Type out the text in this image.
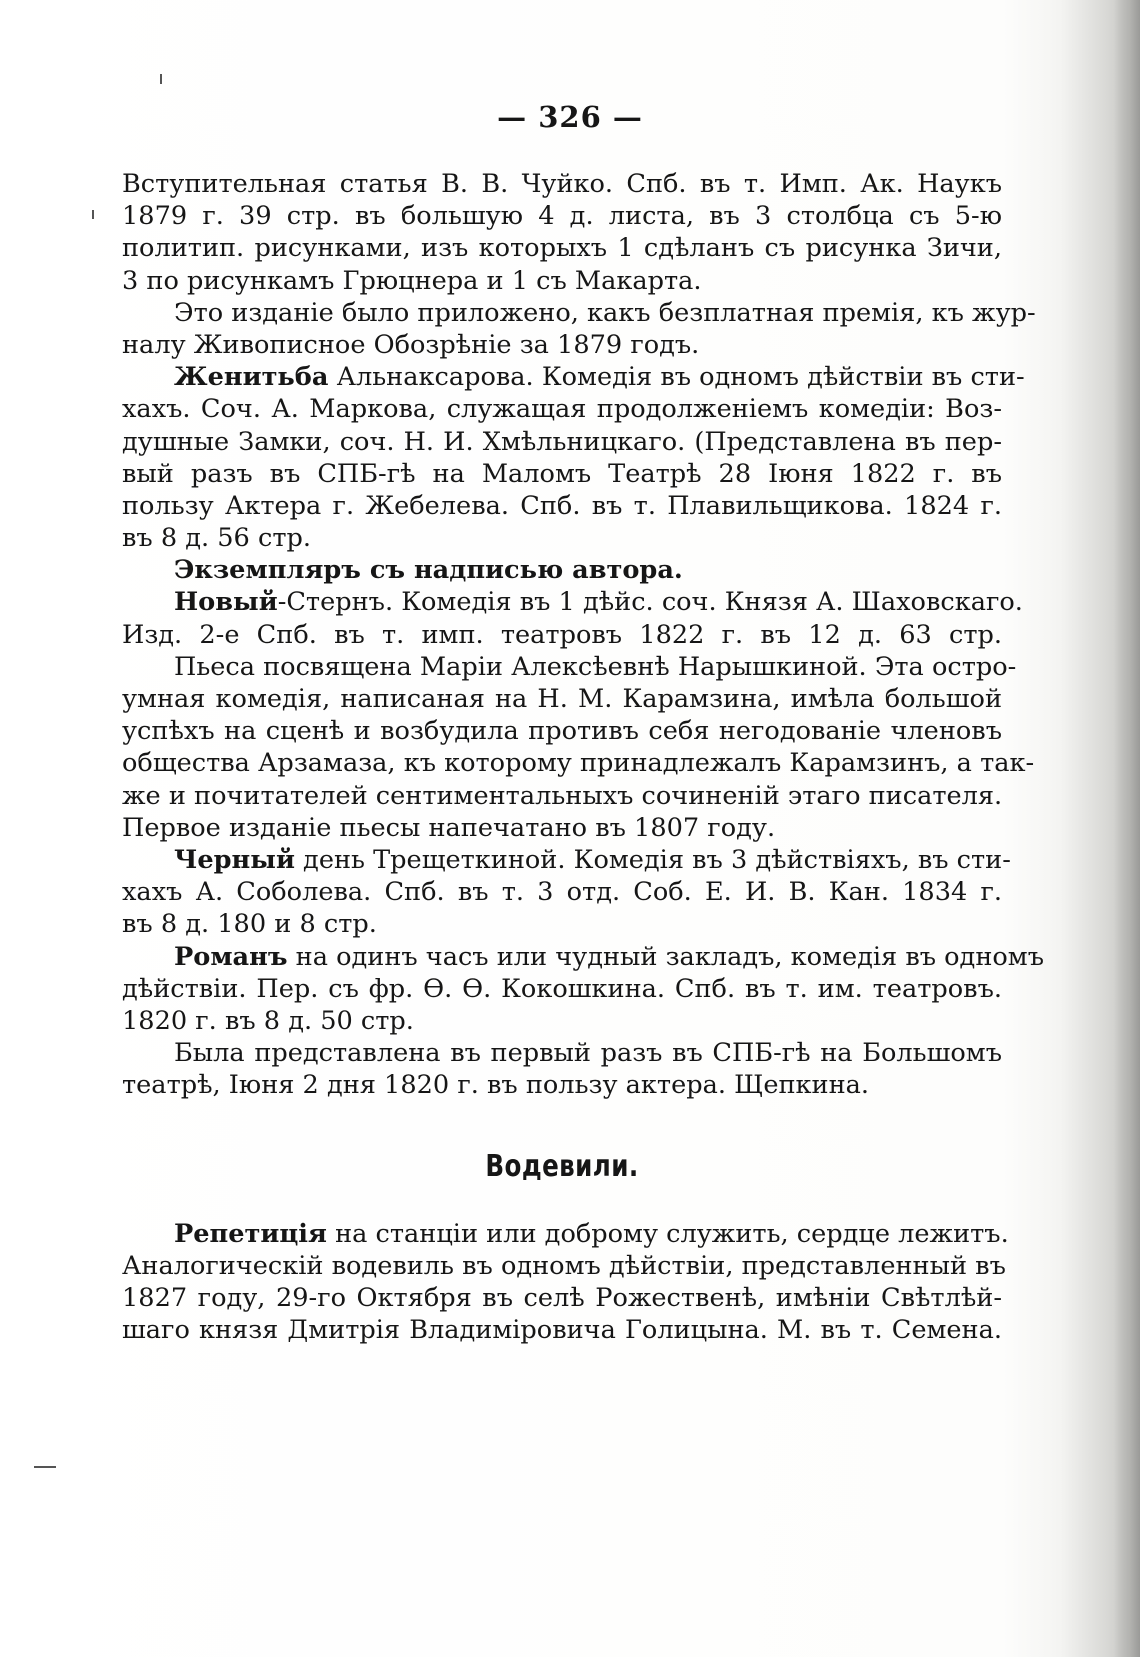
— 326 —
Вступительная статья В. В. Чуйко. Спб. въ т. Имп. Ак. Наукъ
1879 г. 39 стр. въ большую 4 д. листа, въ 3 столбца съ 5-ю
политип. рисунками, изъ которыхъ 1 сдѣланъ съ рисунка Зичи,
3 по рисункамъ Грюцнера и 1 съ Макарта.
Это изданіе было приложено, какъ безплатная премія, къ жур-
налу Живописное Обозрѣніе за 1879 годъ.
Женитьба Альнаксарова. Комедія въ одномъ дѣйствіи въ сти-
хахъ. Соч. А. Маркова, служащая продолженіемъ комедіи: Воз-
душные Замки, соч. Н. И. Хмѣльницкаго. (Представлена въ пер-
вый разъ въ СПБ-гѣ на Маломъ Театрѣ 28 Іюня 1822 г. въ
пользу Актера г. Жебелева. Спб. въ т. Плавильщикова. 1824 г.
въ 8 д. 56 стр.
Экземпляръ съ надписью автора.
Новый-Стернъ. Комедія въ 1 дѣйс. соч. Князя А. Шаховскаго.
Изд. 2-е Спб. въ т. имп. театровъ 1822 г. въ 12 д. 63 стр.
Пьеса посвящена Маріи Алексѣевнѣ Нарышкиной. Эта остро-
умная комедія, написаная на Н. М. Карамзина, имѣла большой
успѣхъ на сценѣ и возбудила противъ себя негодованіе членовъ
общества Арзамаза, къ которому принадлежалъ Карамзинъ, а так-
же и почитателей сентиментальныхъ сочиненій этаго писателя.
Первое изданіе пьесы напечатано въ 1807 году.
Черный день Трещеткиной. Комедія въ 3 дѣйствіяхъ, въ сти-
хахъ А. Соболева. Спб. въ т. 3 отд. Соб. Е. И. В. Кан. 1834 г.
въ 8 д. 180 и 8 стр.
Романъ на одинъ часъ или чудный закладъ, комедія въ одномъ
дѣйствіи. Пер. съ фр. Ѳ. Ѳ. Кокошкина. Спб. въ т. им. театровъ.
1820 г. въ 8 д. 50 стр.
Была представлена въ первый разъ въ СПБ-гѣ на Большомъ
театрѣ, Іюня 2 дня 1820 г. въ пользу актера. Щепкина.
Водевили.
Репетиція на станціи или доброму служить, сердце лежитъ.
Аналогическій водевиль въ одномъ дѣйствіи, представленный въ
1827 году, 29-го Октября въ селѣ Рожественѣ, имѣніи Свѣтлѣй-
шаго князя Дмитрія Владиміровича Голицына. М. въ т. Семена.
